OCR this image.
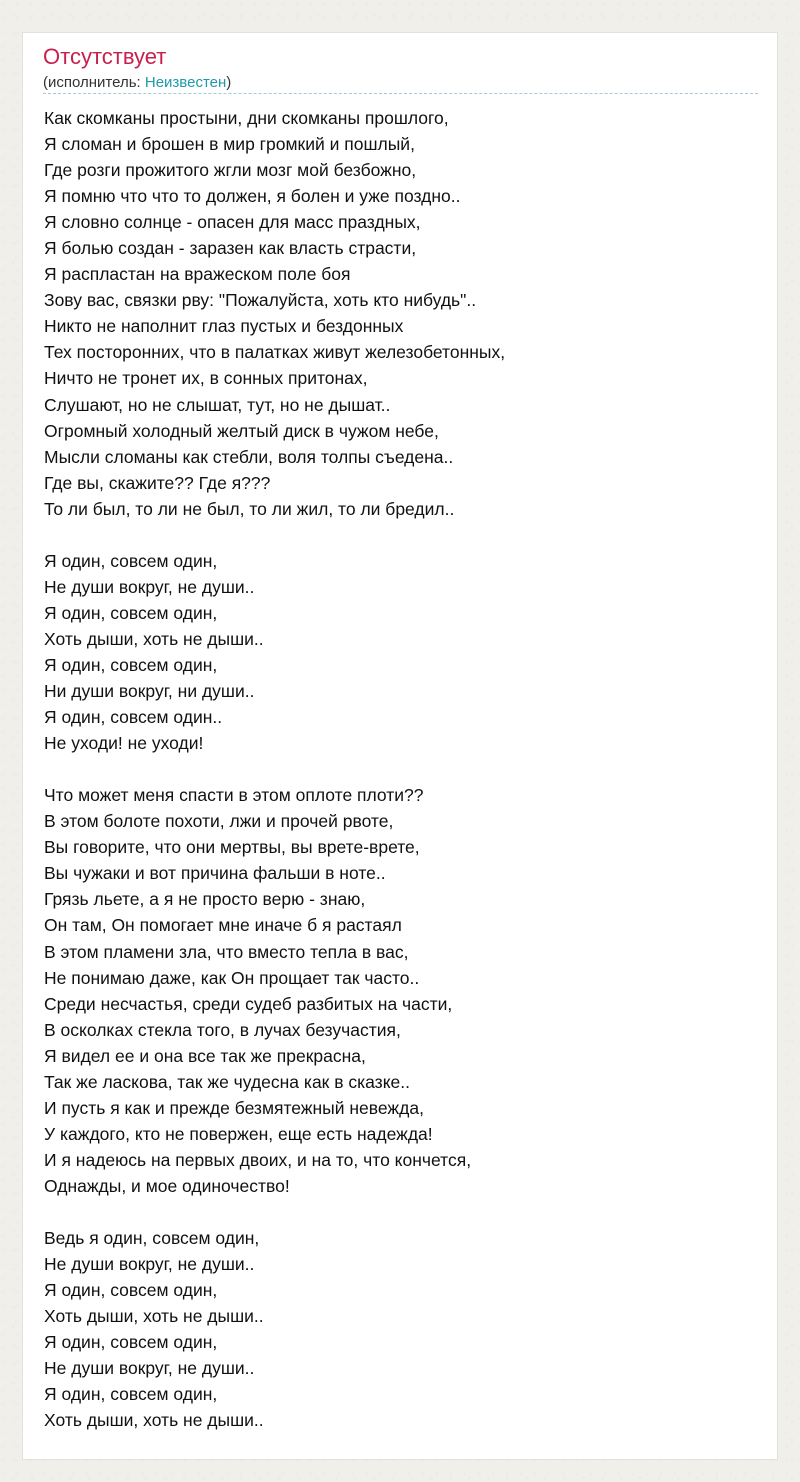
Отсутствует
(исполнитель: Неизвестен)
Как скомканы простыни, дни скомканы прошлого,
Я сломан и брошен в мир громкий и пошлый,
Где розги прожитого жгли мозг мой безбожно,
Я помню что что то должен, я болен и уже поздно..
Я словно солнце - опасен для масс праздных,
Я болью создан - заразен как власть страсти,
Я распластан на вражеском поле боя
Зову вас, связки рву: "Пожалуйста, хоть кто нибудь"..
Никто не наполнит глаз пустых и бездонных
Тех посторонних, что в палатках живут железобетонных,
Ничто не тронет их, в сонных притонах,
Слушают, но не слышат, тут, но не дышат..
Огромный холодный желтый диск в чужом небе,
Мысли сломаны как стебли, воля толпы съедена..
Где вы, скажите?? Где я???
То ли был, то ли не был, то ли жил, то ли бредил..
Я один, совсем один,
Не души вокруг, не души..
Я один, совсем один,
Хоть дыши, хоть не дыши..
Я один, совсем один,
Ни души вокруг, ни души..
Я один, совсем один..
Не уходи! не уходи!
Что может меня спасти в этом оплоте плоти??
В этом болоте похоти, лжи и прочей рвоте,
Вы говорите, что они мертвы, вы врете-врете,
Вы чужаки и вот причина фальши в ноте..
Грязь льете, а я не просто верю - знаю,
Он там, Он помогает мне иначе б я растаял
В этом пламени зла, что вместо тепла в вас,
Не понимаю даже, как Он прощает так часто..
Среди несчастья, среди судеб разбитых на части,
В осколках стекла того, в лучах безучастия,
Я видел ее и она все так же прекрасна,
Так же ласкова, так же чудесна как в сказке..
И пусть я как и прежде безмятежный невежда,
У каждого, кто не повержен, еще есть надежда!
И я надеюсь на первых двоих, и на то, что кончется,
Однажды, и мое одиночество!
Ведь я один, совсем один,
Не души вокруг, не души..
Я один, совсем один,
Хоть дыши, хоть не дыши..
Я один, совсем один,
Не души вокруг, не души..
Я один, совсем один,
Хоть дыши, хоть не дыши..
